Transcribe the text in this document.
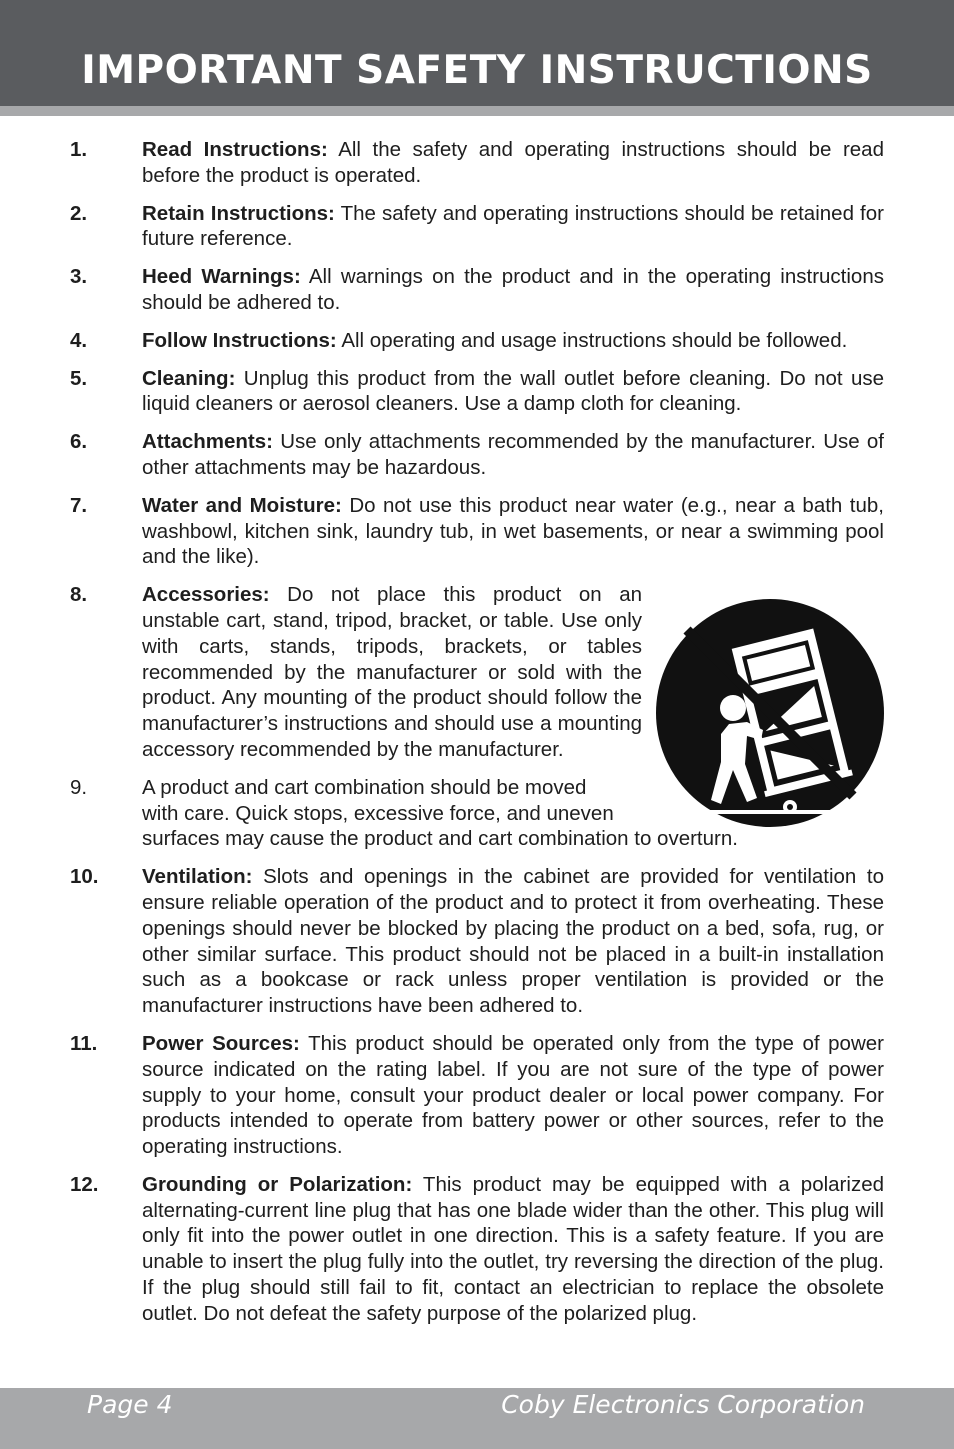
IMPORTANT SAFETY INSTRUCTIONS
1.	Read Instructions: All the safety and operating instructions should be read before the product is operated.

2.	Retain Instructions: The safety and operating instructions should be retained for future reference.

3.	Heed Warnings: All warnings on the product and in the operating instructions should be adhered to.

4.	Follow Instructions: All operating and usage instructions should be followed.

5.	Cleaning: Unplug this product from the wall outlet before cleaning. Do not use liquid cleaners or aerosol cleaners. Use a damp cloth for cleaning.

6.	Attachments: Use only attachments recommended by the manufacturer. Use of other attachments may be hazardous.

7.	Water and Moisture: Do not use this product near water (e.g., near a bath tub, washbowl, kitchen sink, laundry tub, in wet basements, or near a swimming pool and the like).

8.	Accessories: Do not place this product on an unstable cart, stand, tripod, bracket, or table. Use only with carts, stands, tripods, brackets, or tables recommended by the manufacturer or sold with the product. Any mounting of the product should follow the manufacturer’s instructions and should use a mounting accessory recommended by the manufacturer.

9.	A product and cart combination should be moved
with care. Quick stops, excessive force, and uneven
surfaces may cause the product and cart combination to overturn.

10.	Ventilation: Slots and openings in the cabinet are provided for ventilation to ensure reliable operation of the product and to protect it from overheating. These openings should never be blocked by placing the product on a bed, sofa, rug, or other similar surface. This product should not be placed in a built-in installation such as a bookcase or rack unless proper ventilation is provided or the manufacturer instructions have been adhered to.

11.	Power Sources: This product should be operated only from the type of power source indicated on the rating label. If you are not sure of the type of power supply to your home, consult your product dealer or local power company. For products intended to operate from battery power or other sources, refer to the operating instructions.

12.	Grounding or Polarization: This product may be equipped with a polarized alternating-current line plug that has one blade wider than the other. This plug will only fit into the power outlet in one direction. This is a safety feature. If you are unable to insert the plug fully into the outlet, try reversing the direction of the plug. If the plug should still fail to fit, contact an electrician to replace the obsolete outlet. Do not defeat the safety purpose of the polarized plug.

Page 4	Coby Electronics Corporation
